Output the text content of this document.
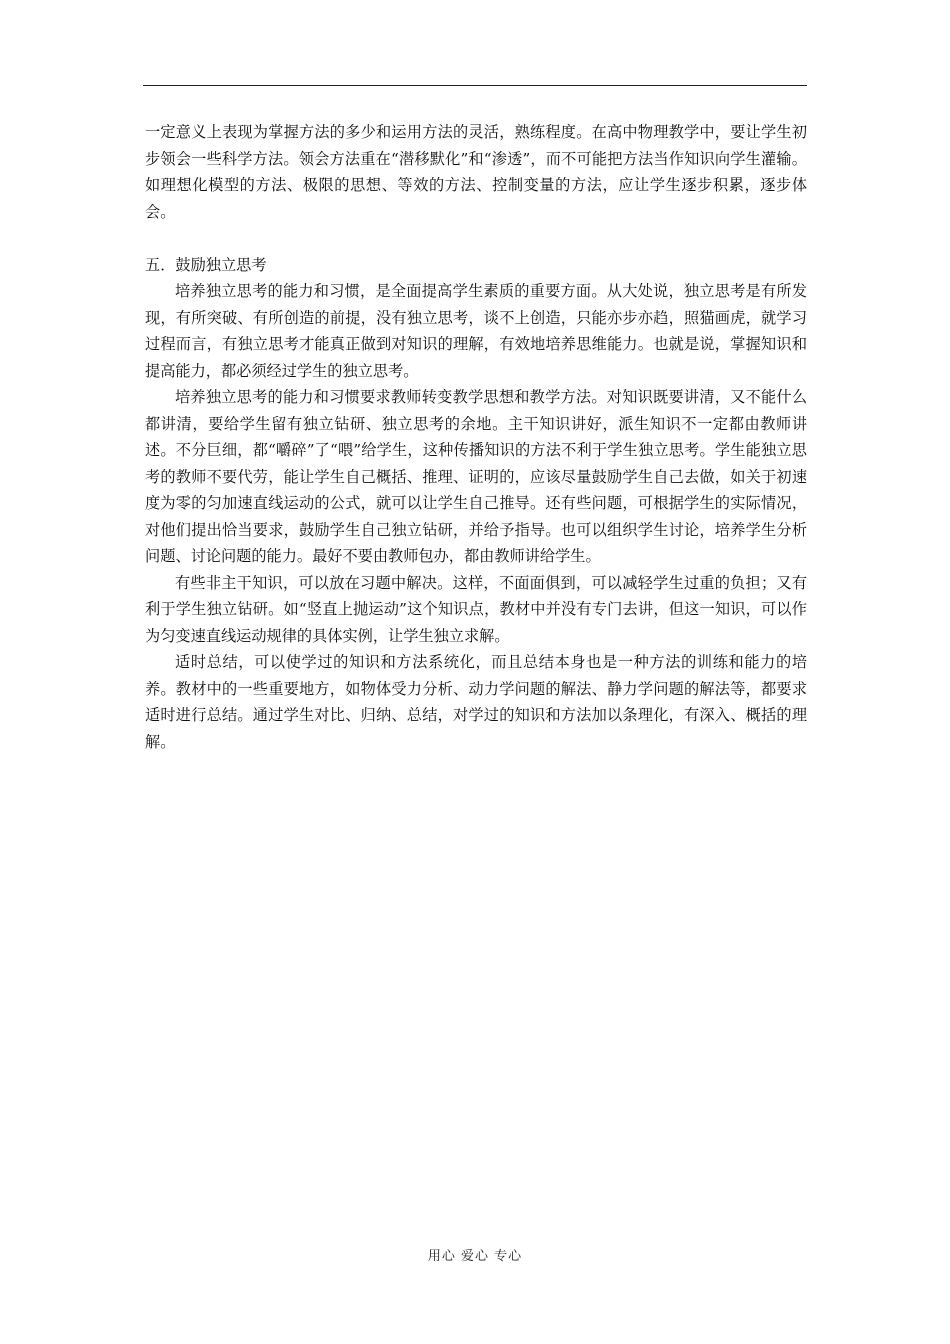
一定意义上表现为掌握方法的多少和运用方法的灵活，熟练程度。在高中物理教学中，要让学生初步领会一些科学方法。领会方法重在“潜移默化”和“渗透”，而不可能把方法当作知识向学生灌输。如理想化模型的方法、极限的思想、等效的方法、控制变量的方法，应让学生逐步积累，逐步体会。

五．鼓励独立思考

培养独立思考的能力和习惯，是全面提高学生素质的重要方面。从大处说，独立思考是有所发现，有所突破、有所创造的前提，没有独立思考，谈不上创造，只能亦步亦趋，照猫画虎，就学习过程而言，有独立思考才能真正做到对知识的理解，有效地培养思维能力。也就是说，掌握知识和提高能力，都必须经过学生的独立思考。

培养独立思考的能力和习惯要求教师转变教学思想和教学方法。对知识既要讲清，又不能什么都讲清，要给学生留有独立钻研、独立思考的余地。主干知识讲好，派生知识不一定都由教师讲述。不分巨细，都“嚼碎”了“喂”给学生，这种传播知识的方法不利于学生独立思考。学生能独立思考的教师不要代劳，能让学生自己概括、推理、证明的，应该尽量鼓励学生自己去做，如关于初速度为零的匀加速直线运动的公式，就可以让学生自己推导。还有些问题，可根据学生的实际情况，对他们提出恰当要求，鼓励学生自己独立钻研，并给予指导。也可以组织学生讨论，培养学生分析问题、讨论问题的能力。最好不要由教师包办，都由教师讲给学生。

有些非主干知识，可以放在习题中解决。这样，不面面俱到，可以减轻学生过重的负担；又有利于学生独立钻研。如“竖直上抛运动”这个知识点，教材中并没有专门去讲，但这一知识，可以作为匀变速直线运动规律的具体实例，让学生独立求解。

适时总结，可以使学过的知识和方法系统化，而且总结本身也是一种方法的训练和能力的培养。教材中的一些重要地方，如物体受力分析、动力学问题的解法、静力学问题的解法等，都要求适时进行总结。通过学生对比、归纳、总结，对学过的知识和方法加以条理化，有深入、概括的理解。

用心 爱心 专心
